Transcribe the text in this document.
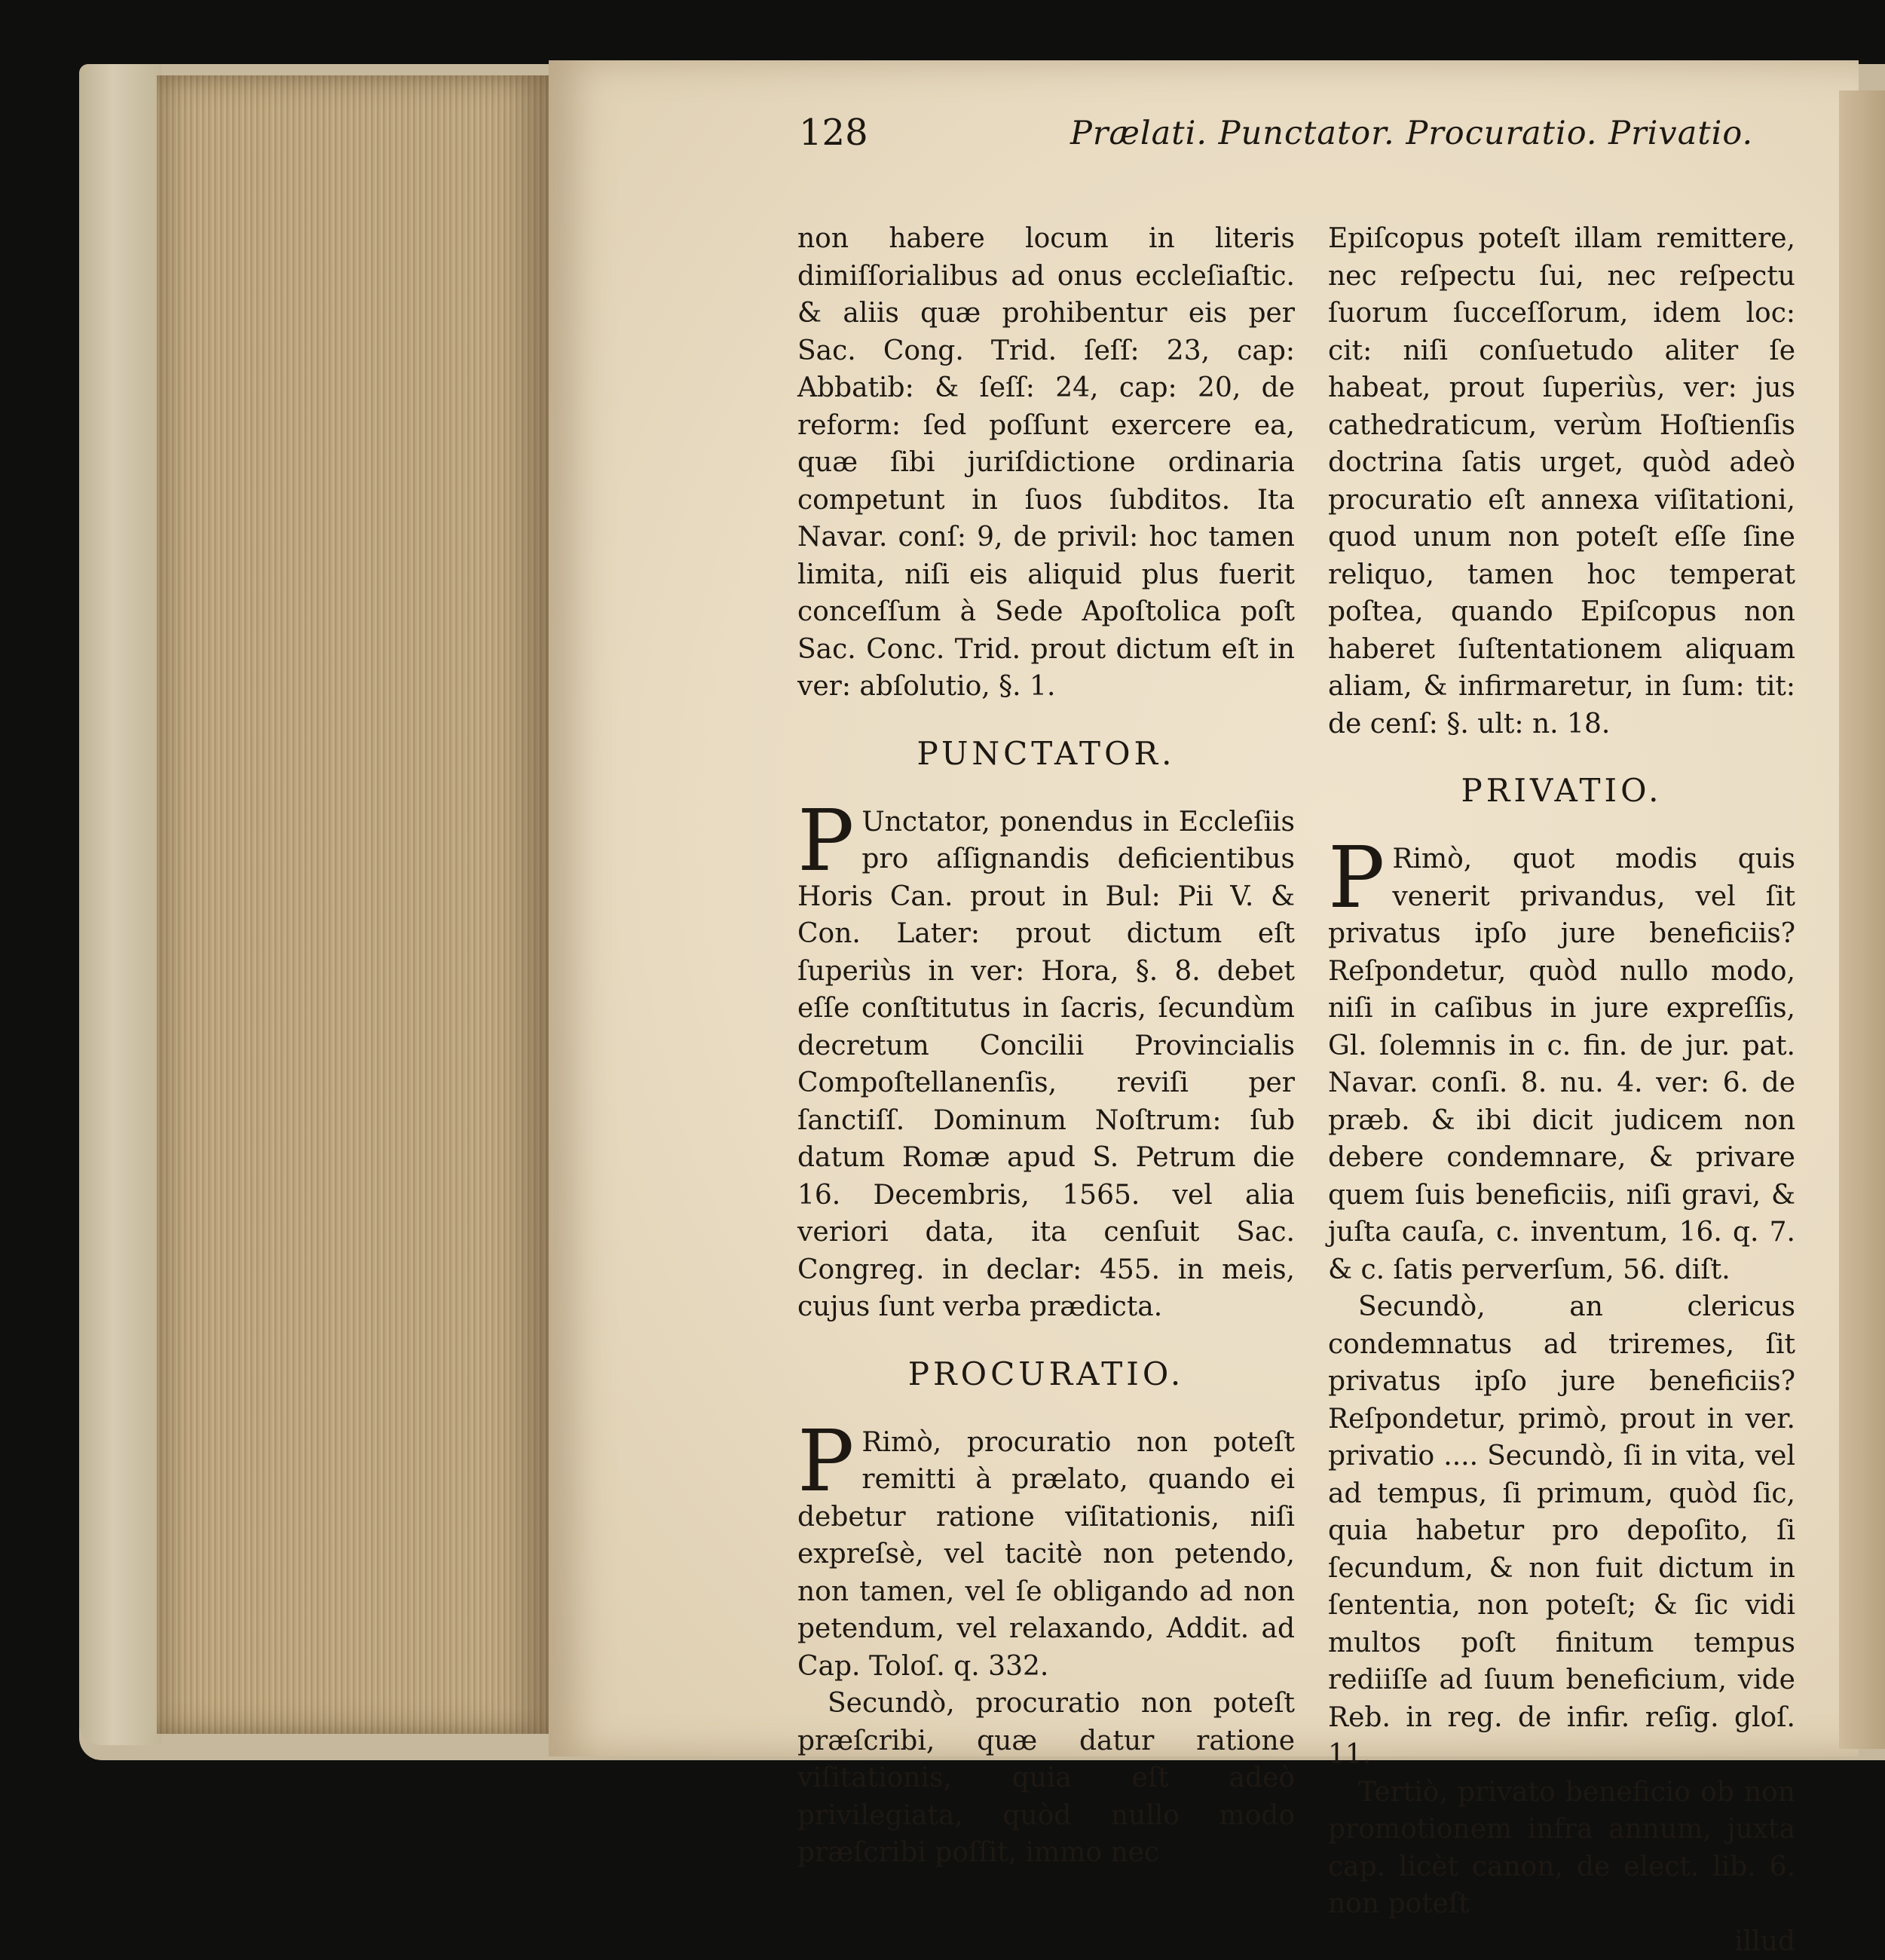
128	Prælati. Punctator. Procuratio. Privatio.

non habere locum in literis dimiſſorialibus ad onus eccleſiaſtic. & aliis quæ prohibentur eis per Sac. Cong. Trid. ſeſſ: 23, cap: Abbatib: & ſeſſ: 24, cap: 20, de reform: ſed poſſunt exercere ea, quæ ſibi juriſdictione ordinaria competunt in ſuos ſubditos. Ita Navar. conſ: 9, de privil: hoc tamen limita, niſi eis aliquid plus fuerit conceſſum à Sede Apoſtolica poſt Sac. Conc. Trid. prout dictum eſt in ver: abſolutio, §. 1.

PUNCTATOR.

P Unctator, ponendus in Eccleſiis pro aſſignandis deficientibus Horis Can. prout in Bul: Pii V. & Con. Later: prout dictum eſt ſuperiùs in ver: Hora, §. 8. debet eſſe conſtitutus in ſacris, ſecundùm decretum Concilii Provincialis Compoſtellanenſis, reviſi per ſanctiſſ. Dominum Noſtrum: ſub datum Romæ apud S. Petrum die 16. Decembris, 1565. vel alia veriori data, ita cenſuit Sac. Congreg. in declar: 455. in meis, cujus ſunt verba prædicta.

PROCURATIO.

P Rimò, procuratio non poteſt remitti à prælato, quando ei debetur ratione viſitationis, niſi expreſsè, vel tacitè non petendo, non tamen, vel ſe obligando ad non petendum, vel relaxando, Addit. ad Cap. Toloſ. q. 332.

Secundò, procuratio non poteſt præſcribi, quæ datur ratione viſitationis, quia eſt adeò privilegiata, quòd nullo modo præſcribi poſſit, immo nec

Epiſcopus poteſt illam remittere, nec reſpectu ſui, nec reſpectu ſuorum ſucceſſorum, idem loc: cit: niſi conſuetudo aliter ſe habeat, prout ſuperiùs, ver: jus cathedraticum, verùm Hoſtienſis doctrina ſatis urget, quòd adeò procuratio eſt annexa viſitationi, quod unum non poteſt eſſe ſine reliquo, tamen hoc temperat poſtea, quando Epiſcopus non haberet ſuſtentationem aliquam aliam, & infirmaretur, in ſum: tit: de cenſ: §. ult: n. 18.

PRIVATIO.

P Rimò, quot modis quis venerit privandus, vel ſit privatus ipſo jure beneficiis? Reſpondetur, quòd nullo modo, niſi in caſibus in jure expreſſis, Gl. ſolemnis in c. fin. de jur. pat. Navar. conſi. 8. nu. 4. ver: 6. de præb. & ibi dicit judicem non debere condemnare, & privare quem ſuis beneficiis, niſi gravi, & juſta cauſa, c. inventum, 16. q. 7. & c. ſatis perverſum, 56. diſt.

Secundò, an clericus condemnatus ad triremes, ſit privatus ipſo jure beneficiis? Reſpondetur, primò, prout in ver. privatio .... Secundò, ſi in vita, vel ad tempus, ſi primum, quòd ſic, quia habetur pro depoſito, ſi ſecundum, & non fuit dictum in ſententia, non poteſt; & ſic vidi multos poſt finitum tempus rediiſſe ad ſuum beneficium, vide Reb. in reg. de infir. reſig. gloſ. 11.

Tertiò, privato beneficio ob non promotionem infra annum, juxta cap. licèt canon, de elect. lib. 6. non poteſt

illud
